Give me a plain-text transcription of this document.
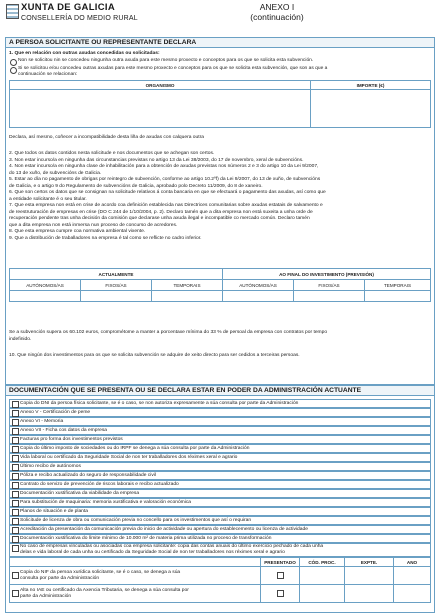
XUNTA DE GALICIA
CONSELLERÍA DO MEDIO RURAL
ANEXO I
(continuación)
A PERSOA SOLICITANTE OU REPRESENTANTE DECLARA
1. Que en relación con outras axudas concedidas ou solicitadas:
Non se solicitou nin se concedeu ningunha outra axuda para este mesmo proxecto e conceptos para os que se solicita esta subvención.
Si se solicitou e/ou concedeu outras axudas para este mesmo proxecto e conceptos para os que se solicita esta subvención, que son as que a
continuación se relacionan:
ORGANISMO	IMPORTE (€)

Declara, así mesmo, coñecer a incompatibilidade desta liña de axudas con calquera outra
2. Que todos os datos contidos nesta solicitude e nos documentos que se achegan son certos.
3. Non estar incurso/a en ningunha das circunstancias previstas no artigo 13 da Lei 38/2003, do 17 de novembro, xeral de subvencións.
4. Non estar incurso/a en ningunha clase de inhabilitación para a obtención de axudas previstas nos números 2 e 3 do artigo 10 da Lei 9/2007,
do 13 de xuño, de subvencións de Galicia.
5. Estar ao día no pagamento de obrigas por reintegro de subvención, conforme ao artigo 10.2ºf) da Lei 9/2007, do 13 de xuño, de subvencións
de Galicia, e o artigo 9 do Regulamento de subvencións de Galicia, aprobado polo Decreto 11/2009, do 8 de xaneiro.
6. Que son certos os datos que se consignan na solicitude relativos á conta bancaria en que se efectuará o pagamento das axudas, así como que
a entidade solicitante é o seu titular.
7. Que esta empresa non está en crise de acordo coa definición establecida nas Directrices comunitarias sobre axudas estatais de salvamento e
de reestruturación de empresas en crise (DO C 244 de 1/10/2004, p. 2). Declaro tamén que a dita empresa non está suxeita a unha orde de
recuperación pendente tras unha decisión da comisión que declarase unha axuda ilegal e incompatible co mercado común. Declaro tamén
que a dita empresa non está inmersa nun proceso de concurso de acredores.
8. Que esta empresa cumpre coa normativa ambiental vixente.
9. Que a distribución de traballadores na empresa é tal como se reflicte no cadro inferior.
ACTUALMENTE			AO FINAL DO INVESTIMENTO (PREVISIÓN)		
AUTÓNOMOS/AS	FIXOS/AS	TEMPORAIS	AUTÓNOMOS/AS	FIXOS/AS	TEMPORAIS

Se a subvención supera os 60.102 euros, comprométome a manter a porcentaxe mínima do 33 % de persoal da empresa con contratos por tempo
indefinido.
10. Que ningún dos investimentos para os que se solicita subvención se adquire de xeito directo para ser cedidos a terceiras persoas.
DOCUMENTACIÓN QUE SE PRESENTA OU SE DECLARA ESTAR EN PODER DA ADMINISTRACIÓN ACTUANTE
Copia do DNI da persoa física solicitante, se é o caso, se non autoriza expresamente a súa consulta por parte da Administración
Anexo V - Certificación de peme
Anexo VI - Memoria
Anexo VII - Ficha cos datos da empresa
Facturas pro forma dos investimentos previstos
Copia do último imposto de sociedades ou do IRPF se denega a súa consulta por parte da Administración
Vida laboral ou certificado da Seguridade Social de non ter traballadores dos réximes xeral e agrario
Último recibo de autónomos
Póliza e recibo actualizado do seguro de responsabilidade civil
Contrato do servizo de prevención de riscos laborais e recibo actualizado
Documentación xustificativa da viabilidade da empresa
Para substitución de maquinaria: memoria xustificativa e valoración económica
Planos de situación e de planta
Solicitude de licenza de obra ou comunicación previa no concello para os investimentos que así o requiran
Acreditación da presentación da comunicación previa do inicio de actividade ou apertura do establecemento ou licenza de actividade
Documentación xustificativa do límite mínimo de 10.000 m² de materia prima utilizada no proceso de transformación
No caso de empresas vinculadas ou asociadas coa empresa solicitante: copia das contas anuais do último exercicio pechado de cada unha
delas e vida laboral de cada unha ou certificado da Seguridade Social de non ter traballadores nos réximes xeral e agrario
	PRESENTADO	CÓD. PROC.	EXPTE.	ANO

Copia do NIF da persoa xurídica solicitante, se é o caso, se denega a súa
consulta por parte da Administración				

Alta no IAE ou certificado da Axencia Tributaria, se denega a súa consulta por
parte da Administración				
